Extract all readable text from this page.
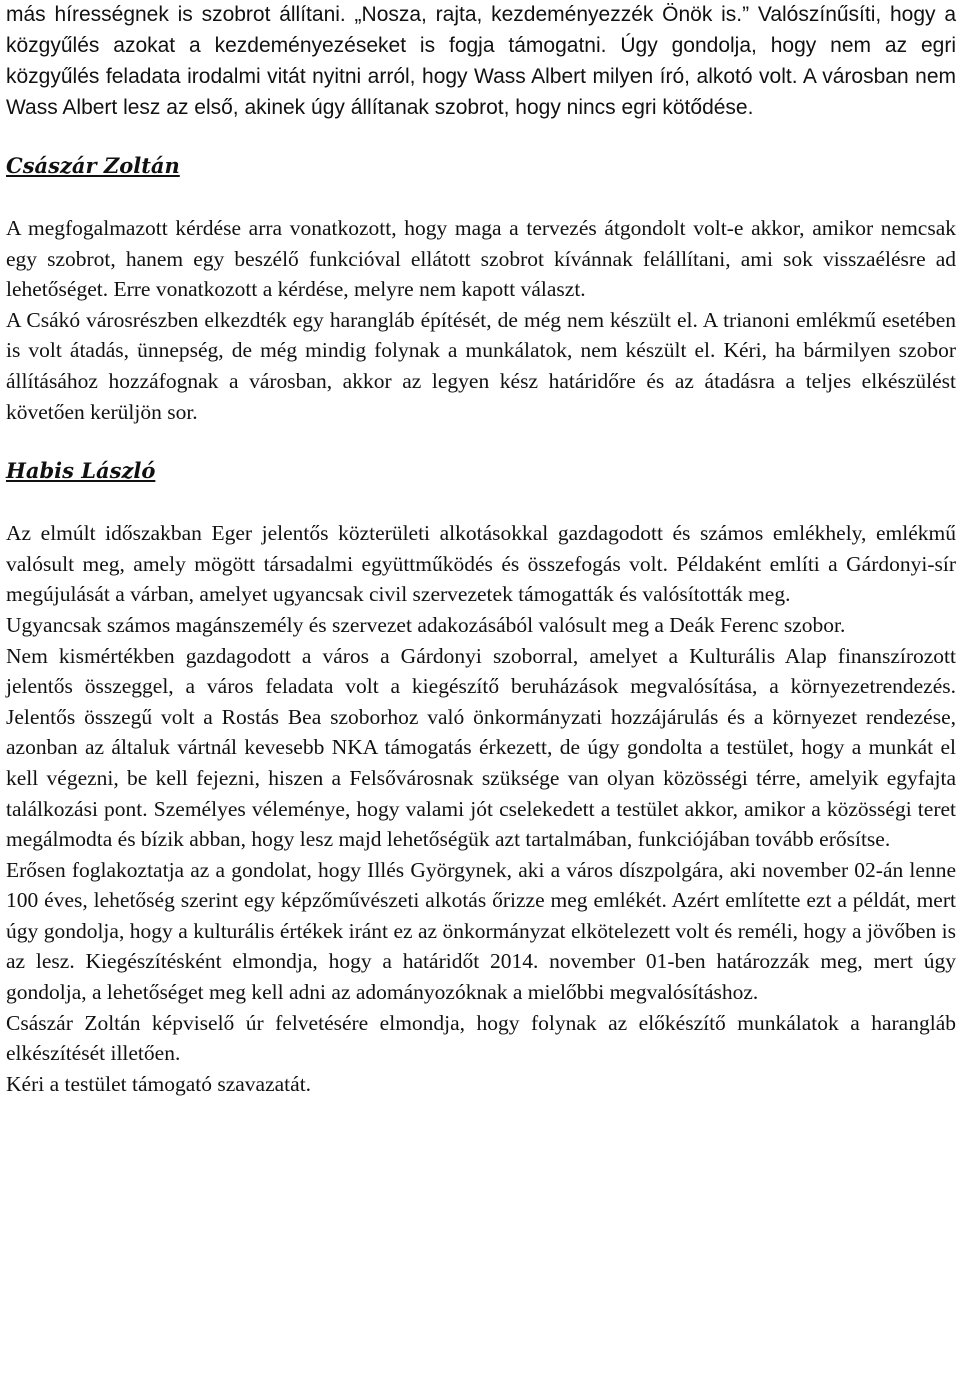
más hírességnek is szobrot állítani. „Nosza, rajta, kezdeményezzék Önök is.” Valószínűsíti, hogy a közgyűlés azokat a kezdeményezéseket is fogja támogatni. Úgy gondolja, hogy nem az egri közgyűlés feladata irodalmi vitát nyitni arról, hogy Wass Albert milyen író, alkotó volt. A városban nem Wass Albert lesz az első, akinek úgy állítanak szobrot, hogy nincs egri kötődése.

Császár Zoltán

A megfogalmazott kérdése arra vonatkozott, hogy maga a tervezés átgondolt volt-e akkor, amikor nemcsak egy szobrot, hanem egy beszélő funkcióval ellátott szobrot kívánnak felállítani, ami sok visszaélésre ad lehetőséget. Erre vonatkozott a kérdése, melyre nem kapott választ.

A Csákó városrészben elkezdték egy harangláb építését, de még nem készült el. A trianoni emlékmű esetében is volt átadás, ünnepség, de még mindig folynak a munkálatok, nem készült el. Kéri, ha bármilyen szobor állításához hozzáfognak a városban, akkor az legyen kész határidőre és az átadásra a teljes elkészülést követően kerüljön sor.

Habis László

Az elmúlt időszakban Eger jelentős közterületi alkotásokkal gazdagodott és számos emlékhely, emlékmű valósult meg, amely mögött társadalmi együttműködés és összefogás volt. Példaként említi a Gárdonyi-sír megújulását a várban, amelyet ugyancsak civil szervezetek támogatták és valósították meg.

Ugyancsak számos magánszemély és szervezet adakozásából valósult meg a Deák Ferenc szobor.

Nem kismértékben gazdagodott a város a Gárdonyi szoborral, amelyet a Kulturális Alap finanszírozott jelentős összeggel, a város feladata volt a kiegészítő beruházások megvalósítása, a környezetrendezés. Jelentős összegű volt a Rostás Bea szoborhoz való önkormányzati hozzájárulás és a környezet rendezése, azonban az általuk vártnál kevesebb NKA támogatás érkezett, de úgy gondolta a testület, hogy a munkát el kell végezni, be kell fejezni, hiszen a Felsővárosnak szüksége van olyan közösségi térre, amelyik egyfajta találkozási pont. Személyes véleménye, hogy valami jót cselekedett a testület akkor, amikor a közösségi teret megálmodta és bízik abban, hogy lesz majd lehetőségük azt tartalmában, funkciójában tovább erősítse.

Erősen foglakoztatja az a gondolat, hogy Illés Györgynek, aki a város díszpolgára, aki november 02-án lenne 100 éves, lehetőség szerint egy képzőművészeti alkotás őrizze meg emlékét. Azért említette ezt a példát, mert úgy gondolja, hogy a kulturális értékek iránt ez az önkormányzat elkötelezett volt és reméli, hogy a jövőben is az lesz. Kiegészítésként elmondja, hogy a határidőt 2014. november 01-ben határozzák meg, mert úgy gondolja, a lehetőséget meg kell adni az adományozóknak a mielőbbi megvalósításhoz.

Császár Zoltán képviselő úr felvetésére elmondja, hogy folynak az előkészítő munkálatok a harangláb elkészítését illetően.

Kéri a testület támogató szavazatát.
